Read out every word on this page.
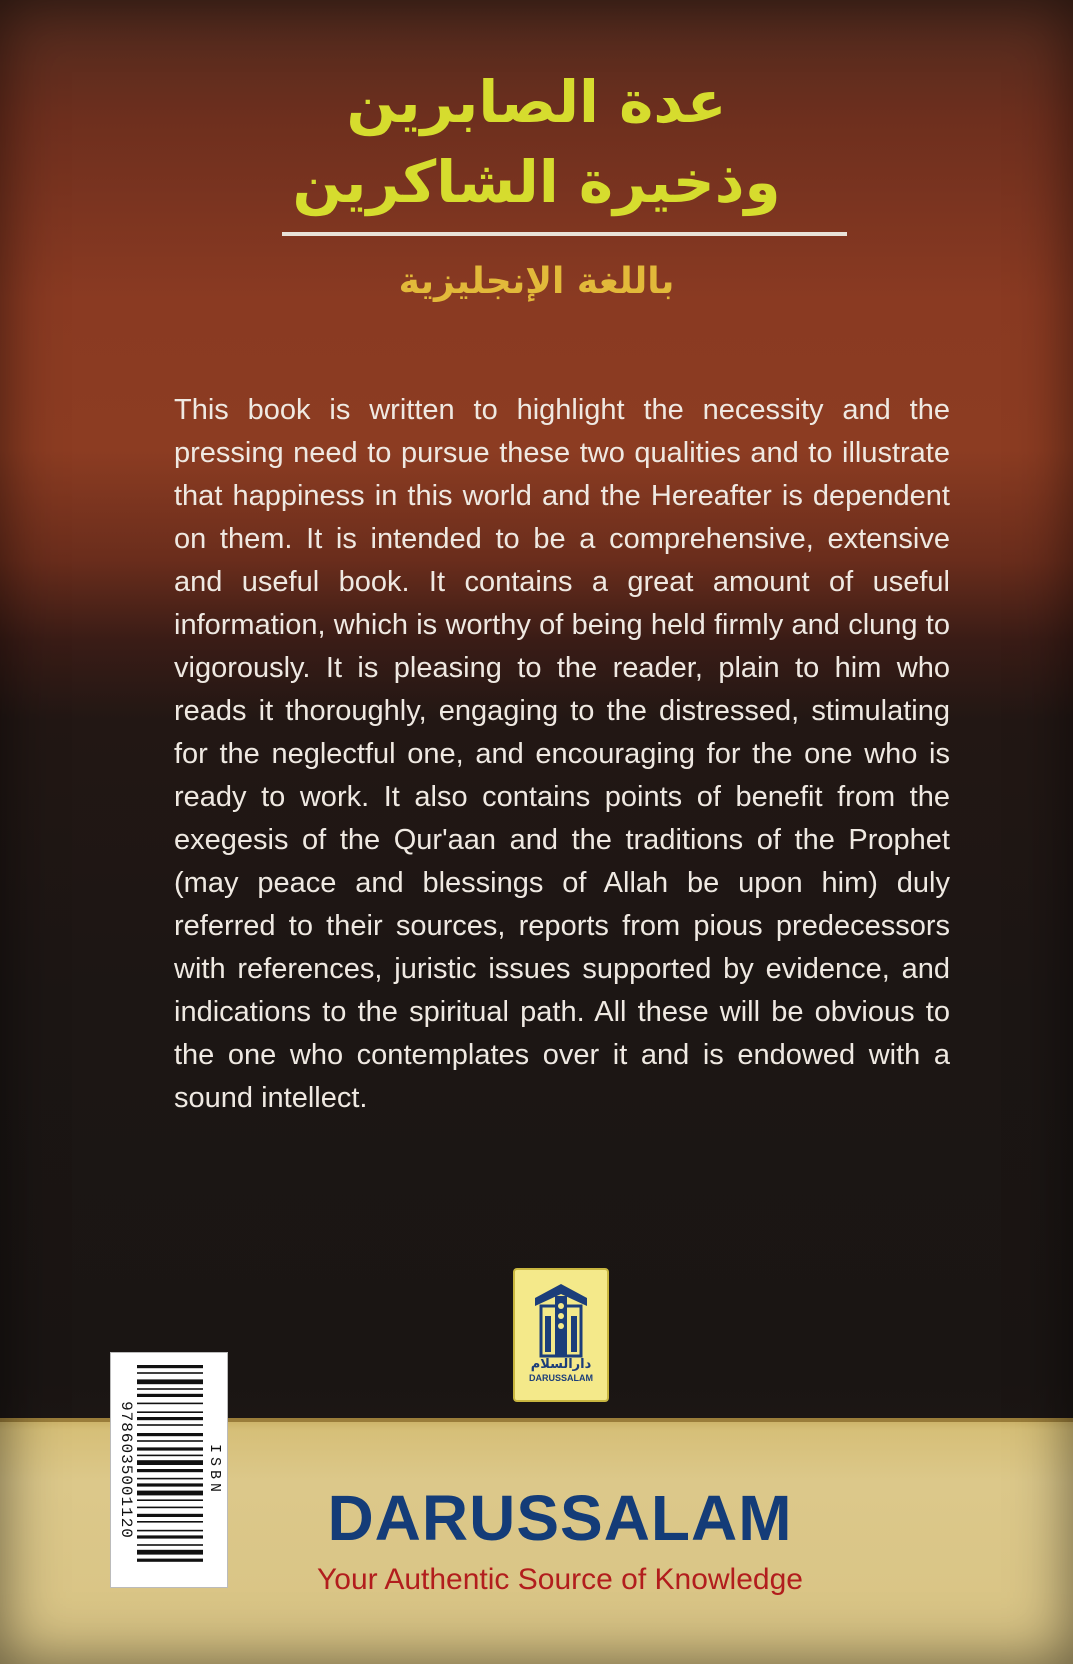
عدة الصابرين
وذخيرة الشاكرين
باللغة الإنجليزية
This book is written to highlight the necessity and the pressing need to pursue these two qualities and to illustrate that happiness in this world and the Hereafter is dependent on them. It is intended to be a comprehensive, extensive and useful book. It contains a great amount of useful information, which is worthy of being held firmly and clung to vigorously. It is pleasing to the reader, plain to him who reads it thoroughly, engaging to the distressed, stimulating for the neglectful one, and encouraging for the one who is ready to work. It also contains points of benefit from the exegesis of the Qur'aan and the traditions of the Prophet (may peace and blessings of Allah be upon him) duly referred to their sources, reports from pious predecessors with references, juristic issues supported by evidence, and indications to the spiritual path. All these will be obvious to the one who contemplates over it and is endowed with a sound intellect.
دارالسلام
DARUSSALAM
ISBN
9786035001120	DARUSSALAM
Your Authentic Source of Knowledge
